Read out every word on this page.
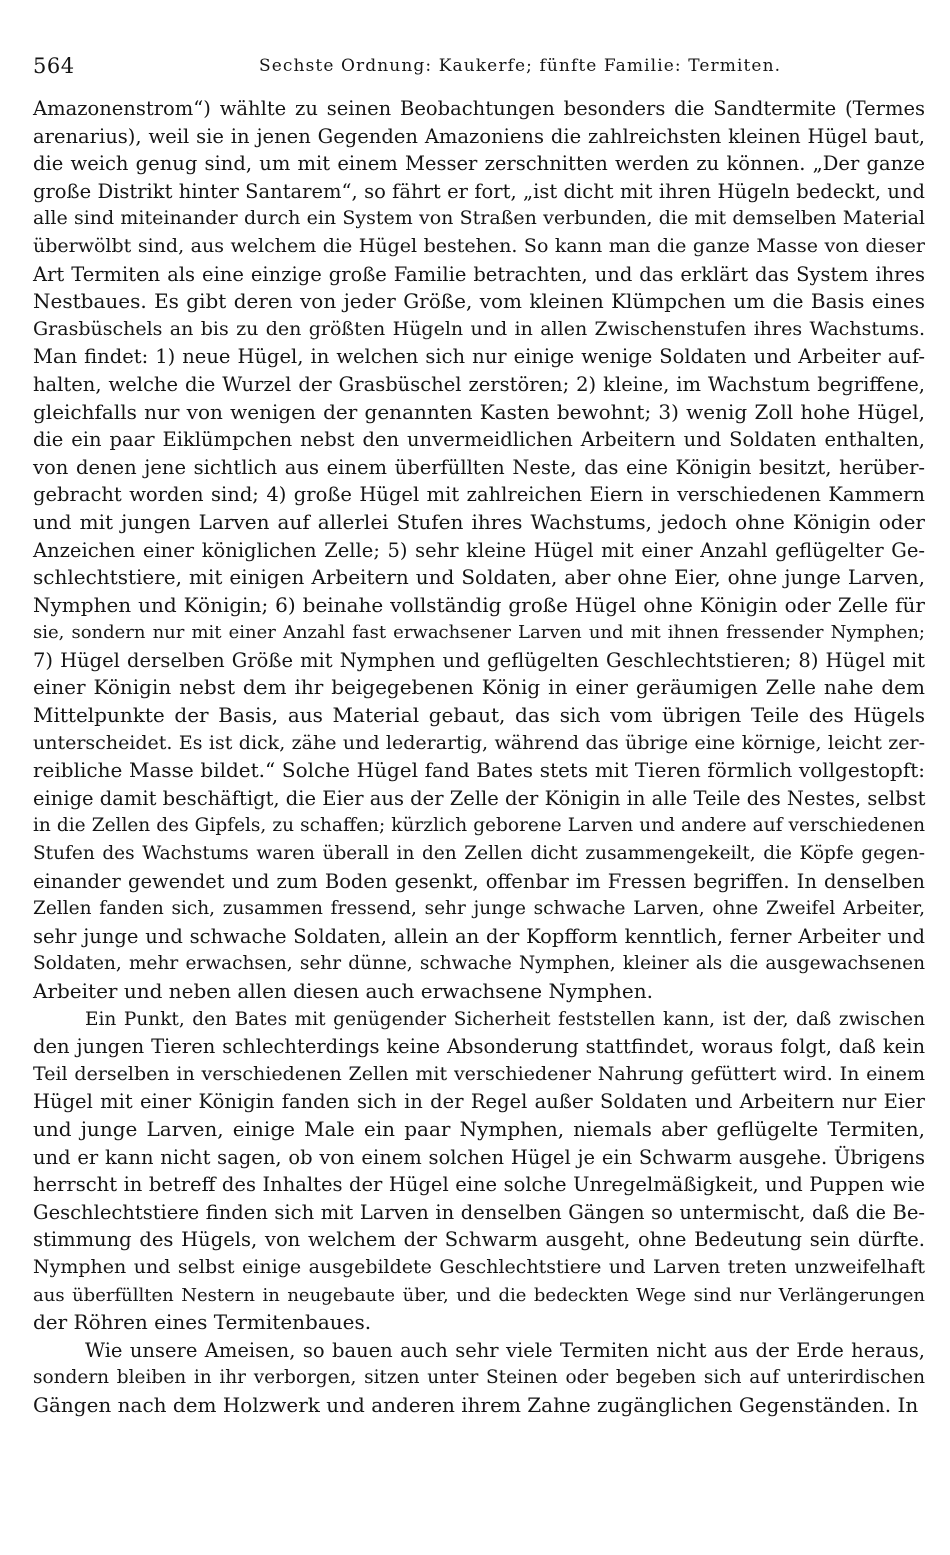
564	Sechste Ordnung: Kaukerfe; fünfte Familie: Termiten.
Amazonenstrom“) wählte zu seinen Beobachtungen besonders die Sandtermite (Termes
arenarius), weil sie in jenen Gegenden Amazoniens die zahlreichsten kleinen Hügel baut,
die weich genug sind, um mit einem Messer zerschnitten werden zu können. „Der ganze
große Distrikt hinter Santarem“, so fährt er fort, „ist dicht mit ihren Hügeln bedeckt, und
alle sind miteinander durch ein System von Straßen verbunden, die mit demselben Material
überwölbt sind, aus welchem die Hügel bestehen. So kann man die ganze Masse von dieser
Art Termiten als eine einzige große Familie betrachten, und das erklärt das System ihres
Nestbaues. Es gibt deren von jeder Größe, vom kleinen Klümpchen um die Basis eines
Grasbüschels an bis zu den größten Hügeln und in allen Zwischenstufen ihres Wachstums.
Man findet: 1) neue Hügel, in welchen sich nur einige wenige Soldaten und Arbeiter auf-
halten, welche die Wurzel der Grasbüschel zerstören; 2) kleine, im Wachstum begriffene,
gleichfalls nur von wenigen der genannten Kasten bewohnt; 3) wenig Zoll hohe Hügel,
die ein paar Eiklümpchen nebst den unvermeidlichen Arbeitern und Soldaten enthalten,
von denen jene sichtlich aus einem überfüllten Neste, das eine Königin besitzt, herüber-
gebracht worden sind; 4) große Hügel mit zahlreichen Eiern in verschiedenen Kammern
und mit jungen Larven auf allerlei Stufen ihres Wachstums, jedoch ohne Königin oder
Anzeichen einer königlichen Zelle; 5) sehr kleine Hügel mit einer Anzahl geflügelter Ge-
schlechtstiere, mit einigen Arbeitern und Soldaten, aber ohne Eier, ohne junge Larven,
Nymphen und Königin; 6) beinahe vollständig große Hügel ohne Königin oder Zelle für
sie, sondern nur mit einer Anzahl fast erwachsener Larven und mit ihnen fressender Nymphen;
7) Hügel derselben Größe mit Nymphen und geflügelten Geschlechtstieren; 8) Hügel mit
einer Königin nebst dem ihr beigegebenen König in einer geräumigen Zelle nahe dem
Mittelpunkte der Basis, aus Material gebaut, das sich vom übrigen Teile des Hügels
unterscheidet. Es ist dick, zähe und lederartig, während das übrige eine körnige, leicht zer-
reibliche Masse bildet.“ Solche Hügel fand Bates stets mit Tieren förmlich vollgestopft:
einige damit beschäftigt, die Eier aus der Zelle der Königin in alle Teile des Nestes, selbst
in die Zellen des Gipfels, zu schaffen; kürzlich geborene Larven und andere auf verschiedenen
Stufen des Wachstums waren überall in den Zellen dicht zusammengekeilt, die Köpfe gegen-
einander gewendet und zum Boden gesenkt, offenbar im Fressen begriffen. In denselben
Zellen fanden sich, zusammen fressend, sehr junge schwache Larven, ohne Zweifel Arbeiter,
sehr junge und schwache Soldaten, allein an der Kopfform kenntlich, ferner Arbeiter und
Soldaten, mehr erwachsen, sehr dünne, schwache Nymphen, kleiner als die ausgewachsenen
Arbeiter und neben allen diesen auch erwachsene Nymphen.
Ein Punkt, den Bates mit genügender Sicherheit feststellen kann, ist der, daß zwischen
den jungen Tieren schlechterdings keine Absonderung stattfindet, woraus folgt, daß kein
Teil derselben in verschiedenen Zellen mit verschiedener Nahrung gefüttert wird. In einem
Hügel mit einer Königin fanden sich in der Regel außer Soldaten und Arbeitern nur Eier
und junge Larven, einige Male ein paar Nymphen, niemals aber geflügelte Termiten,
und er kann nicht sagen, ob von einem solchen Hügel je ein Schwarm ausgehe. Übrigens
herrscht in betreff des Inhaltes der Hügel eine solche Unregelmäßigkeit, und Puppen wie
Geschlechtstiere finden sich mit Larven in denselben Gängen so untermischt, daß die Be-
stimmung des Hügels, von welchem der Schwarm ausgeht, ohne Bedeutung sein dürfte.
Nymphen und selbst einige ausgebildete Geschlechtstiere und Larven treten unzweifelhaft
aus überfüllten Nestern in neugebaute über, und die bedeckten Wege sind nur Verlängerungen
der Röhren eines Termitenbaues.
Wie unsere Ameisen, so bauen auch sehr viele Termiten nicht aus der Erde heraus,
sondern bleiben in ihr verborgen, sitzen unter Steinen oder begeben sich auf unterirdischen
Gängen nach dem Holzwerk und anderen ihrem Zahne zugänglichen Gegenständen. In
